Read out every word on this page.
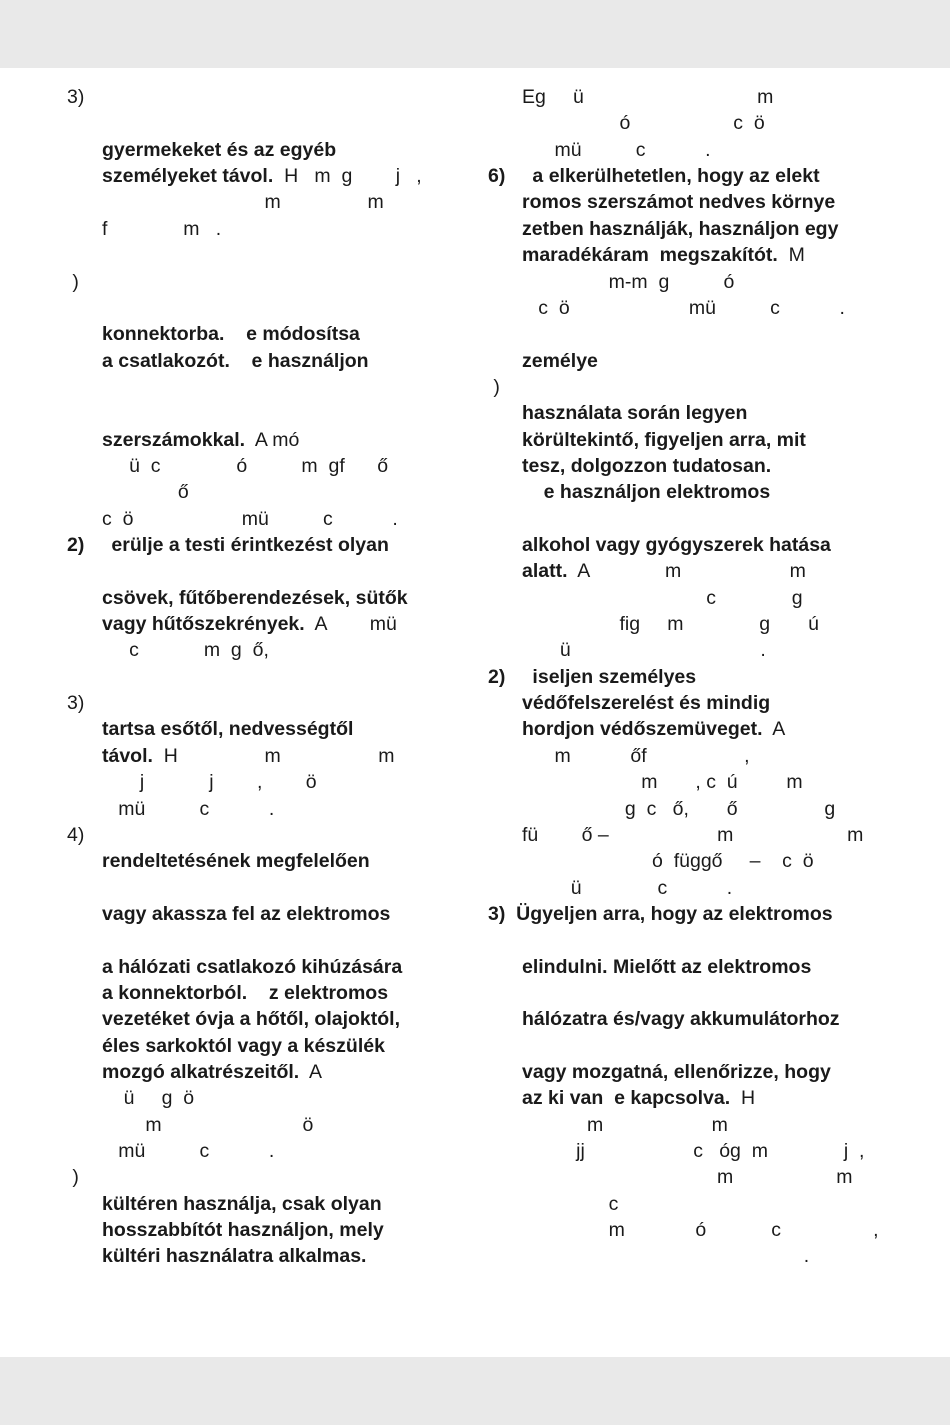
3)
gyermekeket és az egyéb
személyeket távol.  H   m  g        j   ,
m                m
f              m   .
)
konnektorba.    e módosítsa
a csatlakozót.    e használjon
szerszámokkal.  A mó
ü  c              ó          m  gf      ő
ő
c  ö                    mü          c           .
2)     erülje a testi érintkezést olyan
csövek, fűtőberendezések, sütők
vagy hűtőszekrények.  A        mü
c            m  g  ő,
3)
tartsa esőtől, nedvességtől
távol.  H                m                  m
j            j        ,        ö
mü          c           .
4)
rendeltetésének megfelelően
vagy akassza fel az elektromos
a hálózati csatlakozó kihúzására
a konnektorból.    z elektromos
vezetéket óvja a hőtől, olajoktól,
éles sarkoktól vagy a készülék
mozgó alkatrészeitől.  A
ü     g  ö
m                          ö
mü          c           .
)
kültéren használja, csak olyan
hosszabbítót használjon, mely
kültéri használatra alkalmas.
Eg     ü                                m
ó                   c  ö
mü          c           .
6)     a elkerülhetetlen, hogy az elekt
romos szerszámot nedves környe
zetben használják, használjon egy
maradékáram  megszakítót.  M
m-m  g          ó
c  ö                      mü          c           .
zemélye
)
használata során legyen
körültekintő, figyeljen arra, mit
tesz, dolgozzon tudatosan.
e használjon elektromos
alkohol vagy gyógyszerek hatása
alatt.  A              m                    m
c              g
fig     m              g       ú
ü                                   .
2)     iseljen személyes
védőfelszerelést és mindig
hordjon védőszemüveget.  A
m           őf                  ,
m       , c  ú         m
g  c   ő,       ő                g
fü        ő –                    m                     m
ó  függő     –    c  ö
ü              c           .
3)  Ügyeljen arra, hogy az elektromos
elindulni. Mielőtt az elektromos
hálózatra és/vagy akkumulátorhoz
vagy mozgatná, ellenőrizze, hogy
az ki van  e kapcsolva.  H
m                    m
jj                    c   óg  m              j  ,
m                   m
c
m             ó            c                 ,
.
